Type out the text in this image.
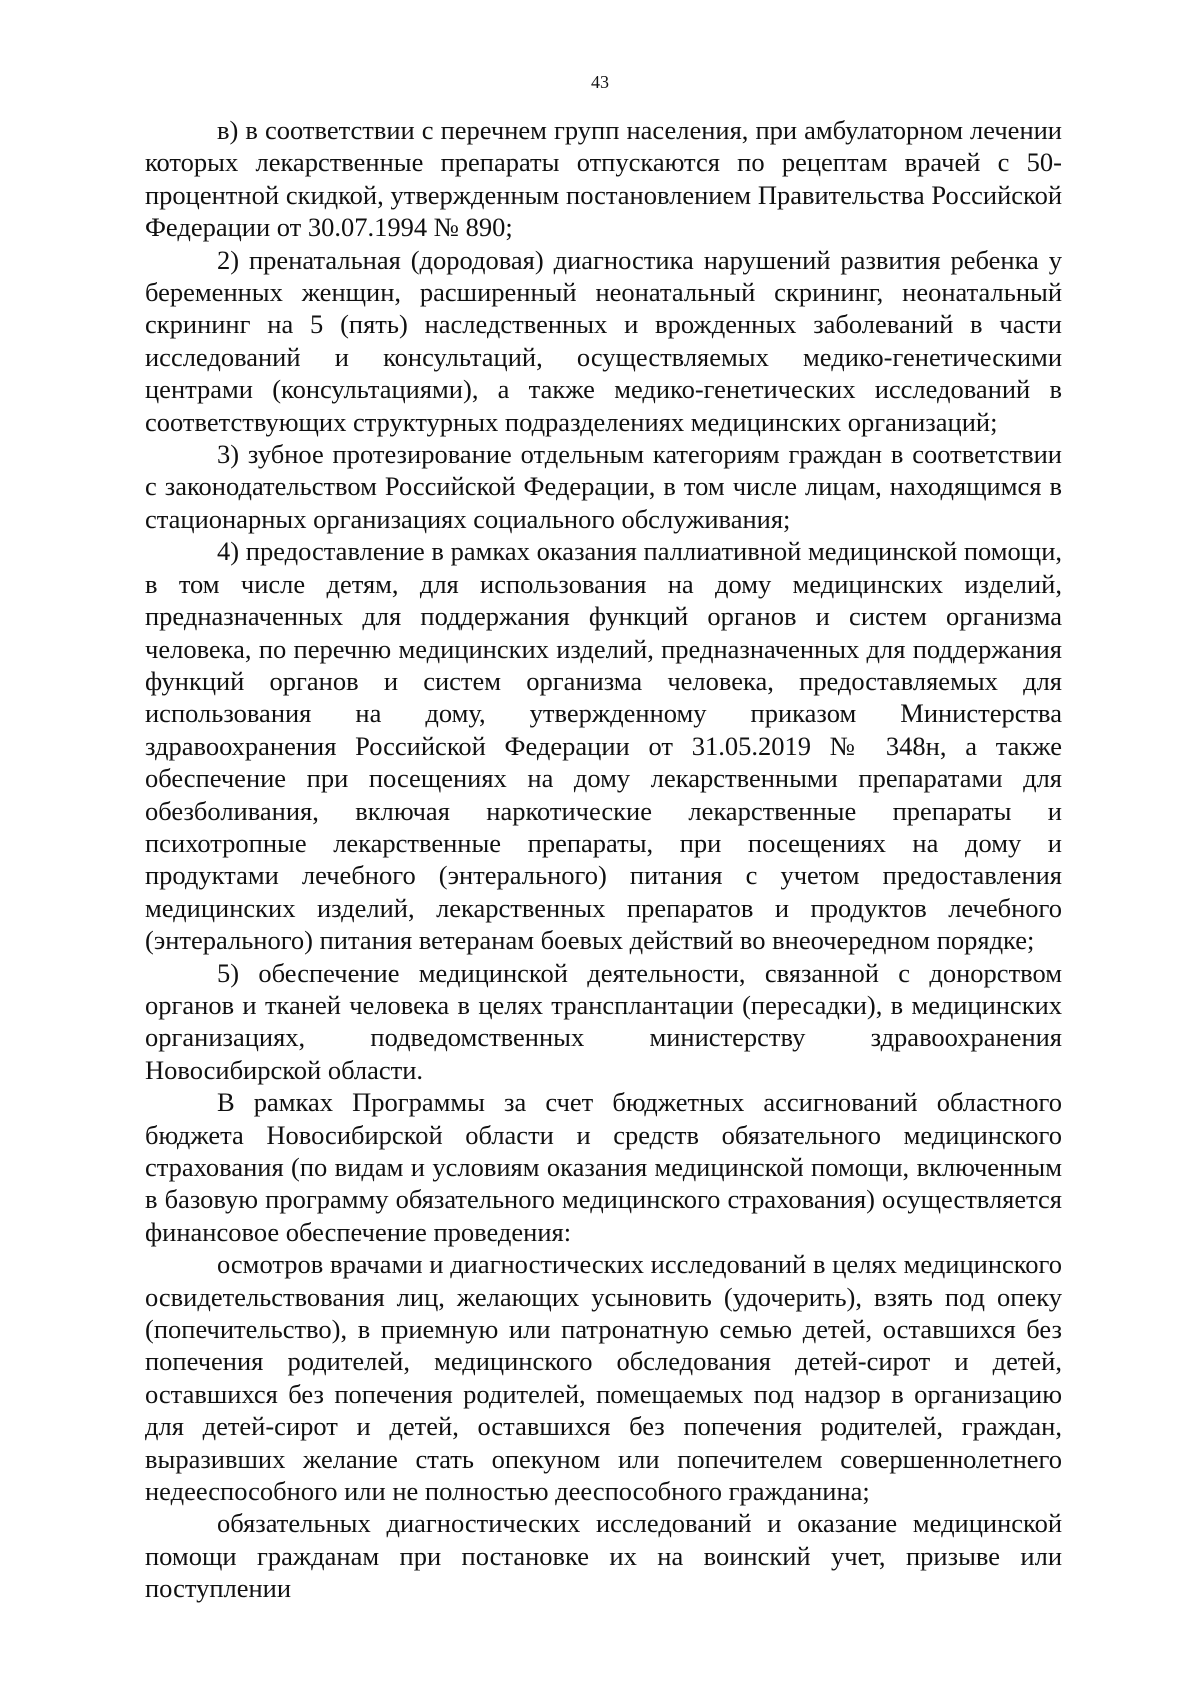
43

в) в соответствии с перечнем групп населения, при амбулаторном лечении которых лекарственные препараты отпускаются по рецептам врачей с 50-процентной скидкой, утвержденным постановлением Правительства Российской Федерации от 30.07.1994 № 890;

2) пренатальная (дородовая) диагностика нарушений развития ребенка у беременных женщин, расширенный неонатальный скрининг, неонатальный скрининг на 5 (пять) наследственных и врожденных заболеваний в части исследований и консультаций, осуществляемых медико-генетическими центрами (консультациями), а также медико-генетических исследований в соответствующих структурных подразделениях медицинских организаций;

3) зубное протезирование отдельным категориям граждан в соответствии с законодательством Российской Федерации, в том числе лицам, находящимся в стационарных организациях социального обслуживания;

4) предоставление в рамках оказания паллиативной медицинской помощи, в том числе детям, для использования на дому медицинских изделий, предназначенных для поддержания функций органов и систем организма человека, по перечню медицинских изделий, предназначенных для поддержания функций органов и систем организма человека, предоставляемых для использования на дому, утвержденному приказом Министерства здравоохранения Российской Федерации от 31.05.2019 № 348н, а также обеспечение при посещениях на дому лекарственными препаратами для обезболивания, включая наркотические лекарственные препараты и психотропные лекарственные препараты, при посещениях на дому и продуктами лечебного (энтерального) питания с учетом предоставления медицинских изделий, лекарственных препаратов и продуктов лечебного (энтерального) питания ветеранам боевых действий во внеочередном порядке;

5) обеспечение медицинской деятельности, связанной с донорством органов и тканей человека в целях трансплантации (пересадки), в медицинских организациях, подведомственных министерству здравоохранения Новосибирской области.

В рамках Программы за счет бюджетных ассигнований областного бюджета Новосибирской области и средств обязательного медицинского страхования (по видам и условиям оказания медицинской помощи, включенным в базовую программу обязательного медицинского страхования) осуществляется финансовое обеспечение проведения:

осмотров врачами и диагностических исследований в целях медицинского освидетельствования лиц, желающих усыновить (удочерить), взять под опеку (попечительство), в приемную или патронатную семью детей, оставшихся без попечения родителей, медицинского обследования детей-сирот и детей, оставшихся без попечения родителей, помещаемых под надзор в организацию для детей-сирот и детей, оставшихся без попечения родителей, граждан, выразивших желание стать опекуном или попечителем совершеннолетнего недееспособного или не полностью дееспособного гражданина;

обязательных диагностических исследований и оказание медицинской помощи гражданам при постановке их на воинский учет, призыве или поступлении
